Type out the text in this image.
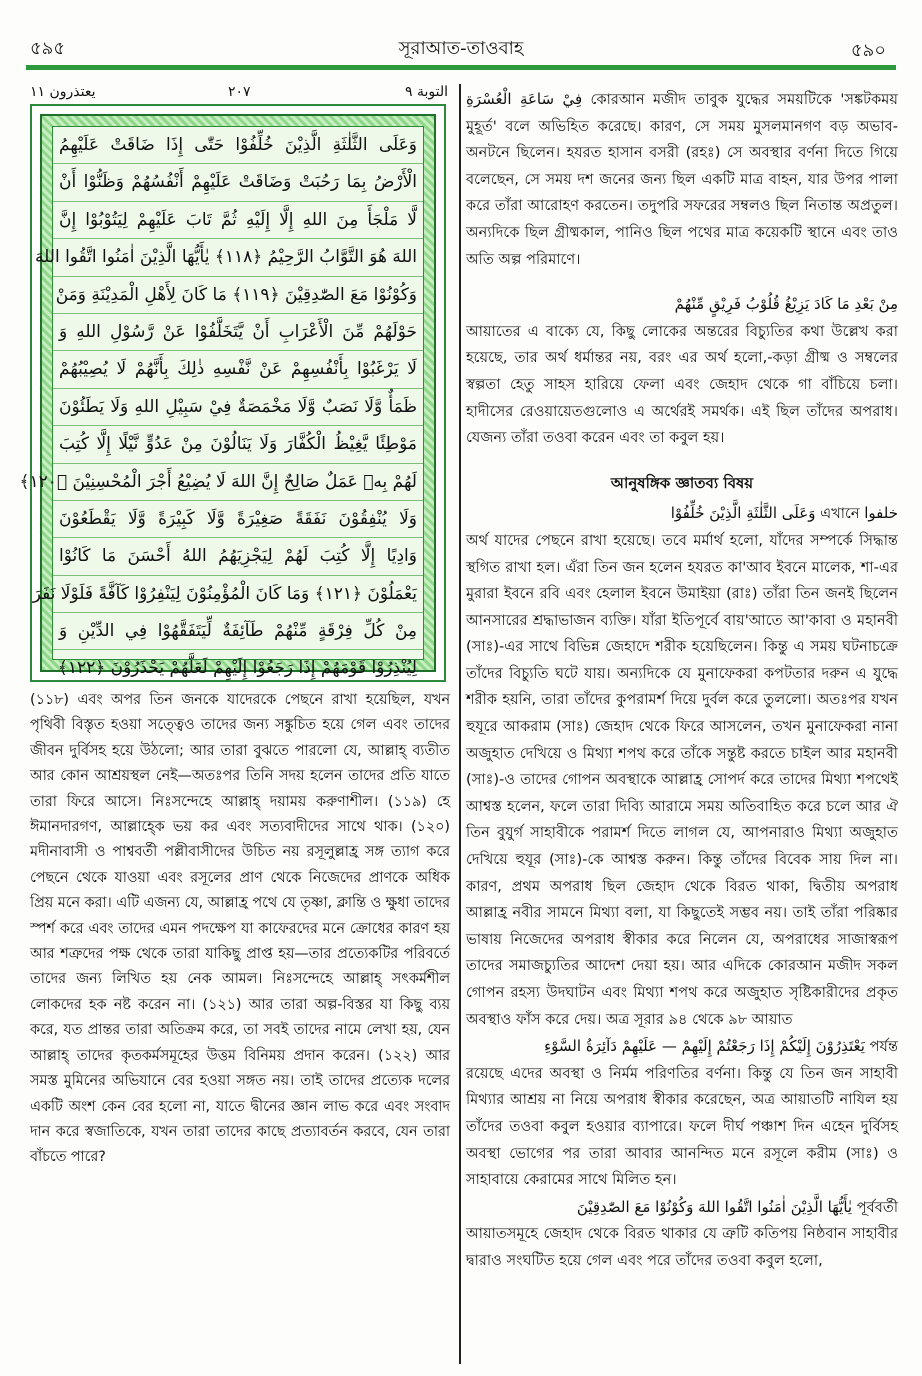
৫৯৫	সূরাআত-তাওবাহ	৫৯০
يعتذرون ١١	٢٠٧	التوبة ٩
وَعَلَى الثَّلٰثَةِ الَّذِيْنَ خُلِّفُوْا حَتّٰى إِذَا ضَاقَتْ عَلَيْهِمُ
الْأَرْضُ بِمَا رَحُبَتْ وَضَاقَتْ عَلَيْهِمْ أَنْفُسُهُمْ وَظَنُّوْا أَنْ
لَّا مَلْجَأَ مِنَ اللهِ إِلَّا إِلَيْهِ ثُمَّ تَابَ عَلَيْهِمْ لِيَتُوْبُوْا إِنَّ
اللهَ هُوَ التَّوَّابُ الرَّحِيْمُ ﴿١١٨﴾ يٰأَيُّهَا الَّذِيْنَ اٰمَنُوا اتَّقُوا اللهَ
وَكُوْنُوْا مَعَ الصّٰدِقِيْنَ ﴿١١٩﴾ مَا كَانَ لِأَهْلِ الْمَدِيْنَةِ وَمَنْ
حَوْلَهُمْ مِّنَ الْأَعْرَابِ أَنْ يَّتَخَلَّفُوْا عَنْ رَّسُوْلِ اللهِ وَ
لَا يَرْغَبُوْا بِأَنْفُسِهِمْ عَنْ نَّفْسِهِ ذٰلِكَ بِأَنَّهُمْ لَا يُصِيْبُهُمْ
ظَمَأٌ وَّلَا نَصَبٌ وَّلَا مَخْمَصَةٌ فِيْ سَبِيْلِ اللهِ وَلَا يَطَئُوْنَ
مَوْطِئًا يَّغِيْظُ الْكُفَّارَ وَلَا يَنَالُوْنَ مِنْ عَدُوٍّ نَّيْلًا إِلَّا كُتِبَ
لَهُمْ بِهٖ عَمَلٌ صَالِحٌ إِنَّ اللهَ لَا يُضِيْعُ أَجْرَ الْمُحْسِنِيْنَ ﴿١٢٠﴾
وَلَا يُنْفِقُوْنَ نَفَقَةً صَغِيْرَةً وَّلَا كَبِيْرَةً وَّلَا يَقْطَعُوْنَ
وَادِيًا إِلَّا كُتِبَ لَهُمْ لِيَجْزِيَهُمُ اللهُ أَحْسَنَ مَا كَانُوْا
يَعْمَلُوْنَ ﴿١٢١﴾ وَمَا كَانَ الْمُؤْمِنُوْنَ لِيَنْفِرُوْا كَآفَّةً فَلَوْلَا نَفَرَ
مِنْ كُلِّ فِرْقَةٍ مِّنْهُمْ طَآئِفَةٌ لِّيَتَفَقَّهُوْا فِي الدِّيْنِ وَ
لِيُنْذِرُوْا قَوْمَهُمْ إِذَا رَجَعُوْا إِلَيْهِمْ لَعَلَّهُمْ يَحْذَرُوْنَ ﴿١٢٢﴾
(১১৮) এবং অপর তিন জনকে যাদেরকে পেছনে রাখা হয়েছিল, যখন পৃথিবী বিস্তৃত হওয়া সত্ত্বেও তাদের জন্য সঙ্কুচিত হয়ে গেল এবং তাদের জীবন দুর্বিসহ হয়ে উঠলো; আর তারা বুঝতে পারলো যে, আল্লাহ্ ব্যতীত আর কোন আশ্রয়স্থল নেই—অতঃপর তিনি সদয় হলেন তাদের প্রতি যাতে তারা ফিরে আসে। নিঃসন্দেহে আল্লাহ্ দয়াময় করুণাশীল। (১১৯) হে ঈমানদারগণ, আল্লাহ্কে ভয় কর এবং সত্যবাদীদের সাথে থাক। (১২০) মদীনাবাসী ও পাশ্ববর্তী পল্লীবাসীদের উচিত নয় রসূলুল্লাহ্র সঙ্গ ত্যাগ করে পেছনে থেকে যাওয়া এবং রসূলের প্রাণ থেকে নিজেদের প্রাণকে অধিক প্রিয় মনে করা। এটি এজন্য যে, আল্লাহ্র পথে যে তৃষ্ণা, ক্লান্তি ও ক্ষুধা তাদের স্পর্শ করে এবং তাদের এমন পদক্ষেপ যা কাফেরদের মনে ক্রোধের কারণ হয় আর শত্রুদের পক্ষ থেকে তারা যাকিছু প্রাপ্ত হয়—তার প্রত্যেকটির পরিবর্তে তাদের জন্য লিখিত হয় নেক আমল। নিঃসন্দেহে আল্লাহ্ সৎকর্মশীল লোকদের হক নষ্ট করেন না। (১২১) আর তারা অল্প-বিস্তর যা কিছু ব্যয় করে, যত প্রান্তর তারা অতিক্রম করে, তা সবই তাদের নামে লেখা হয়, যেন আল্লাহ্ তাদের কৃতকর্মসমূহের উত্তম বিনিময় প্রদান করেন। (১২২) আর সমস্ত মুমিনের অভিযানে বের হওয়া সঙ্গত নয়। তাই তাদের প্রত্যেক দলের একটি অংশ কেন বের হলো না, যাতে দ্বীনের জ্ঞান লাভ করে এবং সংবাদ দান করে স্বজাতিকে, যখন তারা তাদের কাছে প্রত্যাবর্তন করবে, যেন তারা বাঁচতে পারে?

فِيْ سَاعَةِ الْعُسْرَةِ কোরআন মজীদ তাবুক যুদ্ধের সময়টিকে 'সঙ্কটকময় মুহূর্ত' বলে অভিহিত করেছে। কারণ, সে সময় মুসলমানগণ বড় অভাব-অনটনে ছিলেন। হযরত হাসান বসরী (রহঃ) সে অবস্থার বর্ণনা দিতে গিয়ে বলেছেন, সে সময় দশ জনের জন্য ছিল একটি মাত্র বাহন, যার উপর পালা করে তাঁরা আরোহণ করতেন। তদুপরি সফরের সম্বলও ছিল নিতান্ত অপ্রতুল। অন্যদিকে ছিল গ্রীষ্মকাল, পানিও ছিল পথের মাত্র কয়েকটি স্থানে এবং তাও অতি অল্প পরিমাণে।

مِنْ بَعْدِ مَا كَادَ يَزِيْغُ قُلُوْبُ فَرِيْقٍ مِّنْهُمْ

আয়াতের এ বাক্যে যে, কিছু লোকের অন্তরের বিচ্যুতির কথা উল্লেখ করা হয়েছে, তার অর্থ ধর্মান্তর নয়, বরং এর অর্থ হলো,-কড়া গ্রীষ্ম ও সম্বলের স্বল্পতা হেতু সাহস হারিয়ে ফেলা এবং জেহাদ থেকে গা বাঁচিয়ে চলা। হাদীসের রেওয়ায়েতগুলোও এ অর্থেরই সমর্থক। এই ছিল তাঁদের অপরাধ। যেজন্য তাঁরা তওবা করেন এবং তা কবুল হয়।

আনুষঙ্গিক জ্ঞাতব্য বিষয়

وَعَلَى الثَّلٰثَةِ الَّذِيْنَ خُلِّفُوْا এখানে خلفوا

অর্থ যাদের পেছনে রাখা হয়েছে। তবে মর্মার্থ হলো, যাঁদের সম্পর্কে সিদ্ধান্ত স্থগিত রাখা হল। এঁরা তিন জন হলেন হযরত কা'আব ইবনে মালেক, শা-এর মুরারা ইবনে রবি এবং হেলাল ইবনে উমাইয়া (রাঃ) তাঁরা তিন জনই ছিলেন আনসারের শ্রদ্ধাভাজন ব্যক্তি। যাঁরা ইতিপূর্বে বায়'আতে আ'কাবা ও মহানবী (সাঃ)-এর সাথে বিভিন্ন জেহাদে শরীক হয়েছিলেন। কিন্তু এ সময় ঘটনাচক্রে তাঁদের বিচ্যুতি ঘটে যায়। অন্যদিকে যে মুনাফেকরা কপটতার দরুন এ যুদ্ধে শরীক হয়নি, তারা তাঁদের কুপরামর্শ দিয়ে দুর্বল করে তুললো। অতঃপর যখন হুযূরে আকরাম (সাঃ) জেহাদ থেকে ফিরে আসলেন, তখন মুনাফেকরা নানা অজুহাত দেখিয়ে ও মিথ্যা শপথ করে তাঁকে সন্তুষ্ট করতে চাইল আর মহানবী (সাঃ)-ও তাদের গোপন অবস্থাকে আল্লাহ্র সোপর্দ করে তাদের মিথ্যা শপথেই আশ্বস্ত হলেন, ফলে তারা দিব্যি আরামে সময় অতিবাহিত করে চলে আর ঐ তিন বুযুর্গ সাহাবীকে পরামর্শ দিতে লাগল যে, আপনারাও মিথ্যা অজুহাত দেখিয়ে হুযূর (সাঃ)-কে আশ্বস্ত করুন। কিন্তু তাঁদের বিবেক সায় দিল না। কারণ, প্রথম অপরাধ ছিল জেহাদ থেকে বিরত থাকা, দ্বিতীয় অপরাধ আল্লাহ্র নবীর সামনে মিথ্যা বলা, যা কিছুতেই সম্ভব নয়। তাই তাঁরা পরিষ্কার ভাষায় নিজেদের অপরাধ স্বীকার করে নিলেন যে, অপরাধের সাজাস্বরূপ তাদের সমাজচ্যুতির আদেশ দেয়া হয়। আর এদিকে কোরআন মজীদ সকল গোপন রহস্য উদঘাটন এবং মিথ্যা শপথ করে অজুহাত সৃষ্টিকারীদের প্রকৃত অবস্থাও ফাঁস করে দেয়। অত্র সূরার ৯৪ থেকে ৯৮ আয়াত

يَعْتَذِرُوْنَ إِلَيْكُمْ إِذَا رَجَعْتُمْ إِلَيْهِمْ — عَلَيْهِمْ دَآئِرَةُ السَّوْءِ পর্যন্ত

রয়েছে এদের অবস্থা ও নির্মম পরিণতির বর্ণনা। কিন্তু যে তিন জন সাহাবী মিথ্যার আশ্রয় না নিয়ে অপরাধ স্বীকার করেছেন, অত্র আয়াতটি নাযিল হয় তাঁদের তওবা কবুল হওয়ার ব্যাপারে। ফলে দীর্ঘ পঞ্চাশ দিন এহেন দুর্বিসহ অবস্থা ভোগের পর তারা আবার আনন্দিত মনে রসূলে করীম (সাঃ) ও সাহাবায়ে কেরামের সাথে মিলিত হন।

يٰأَيُّهَا الَّذِيْنَ اٰمَنُوا اتَّقُوا اللهَ وَكُوْنُوْا مَعَ الصّٰدِقِيْنَ পূর্ববর্তী

আয়াতসমূহে জেহাদ থেকে বিরত থাকার যে ত্রুটি কতিপয় নিষ্ঠবান সাহাবীর দ্বারাও সংঘটিত হয়ে গেল এবং পরে তাঁদের তওবা কবুল হলো,
